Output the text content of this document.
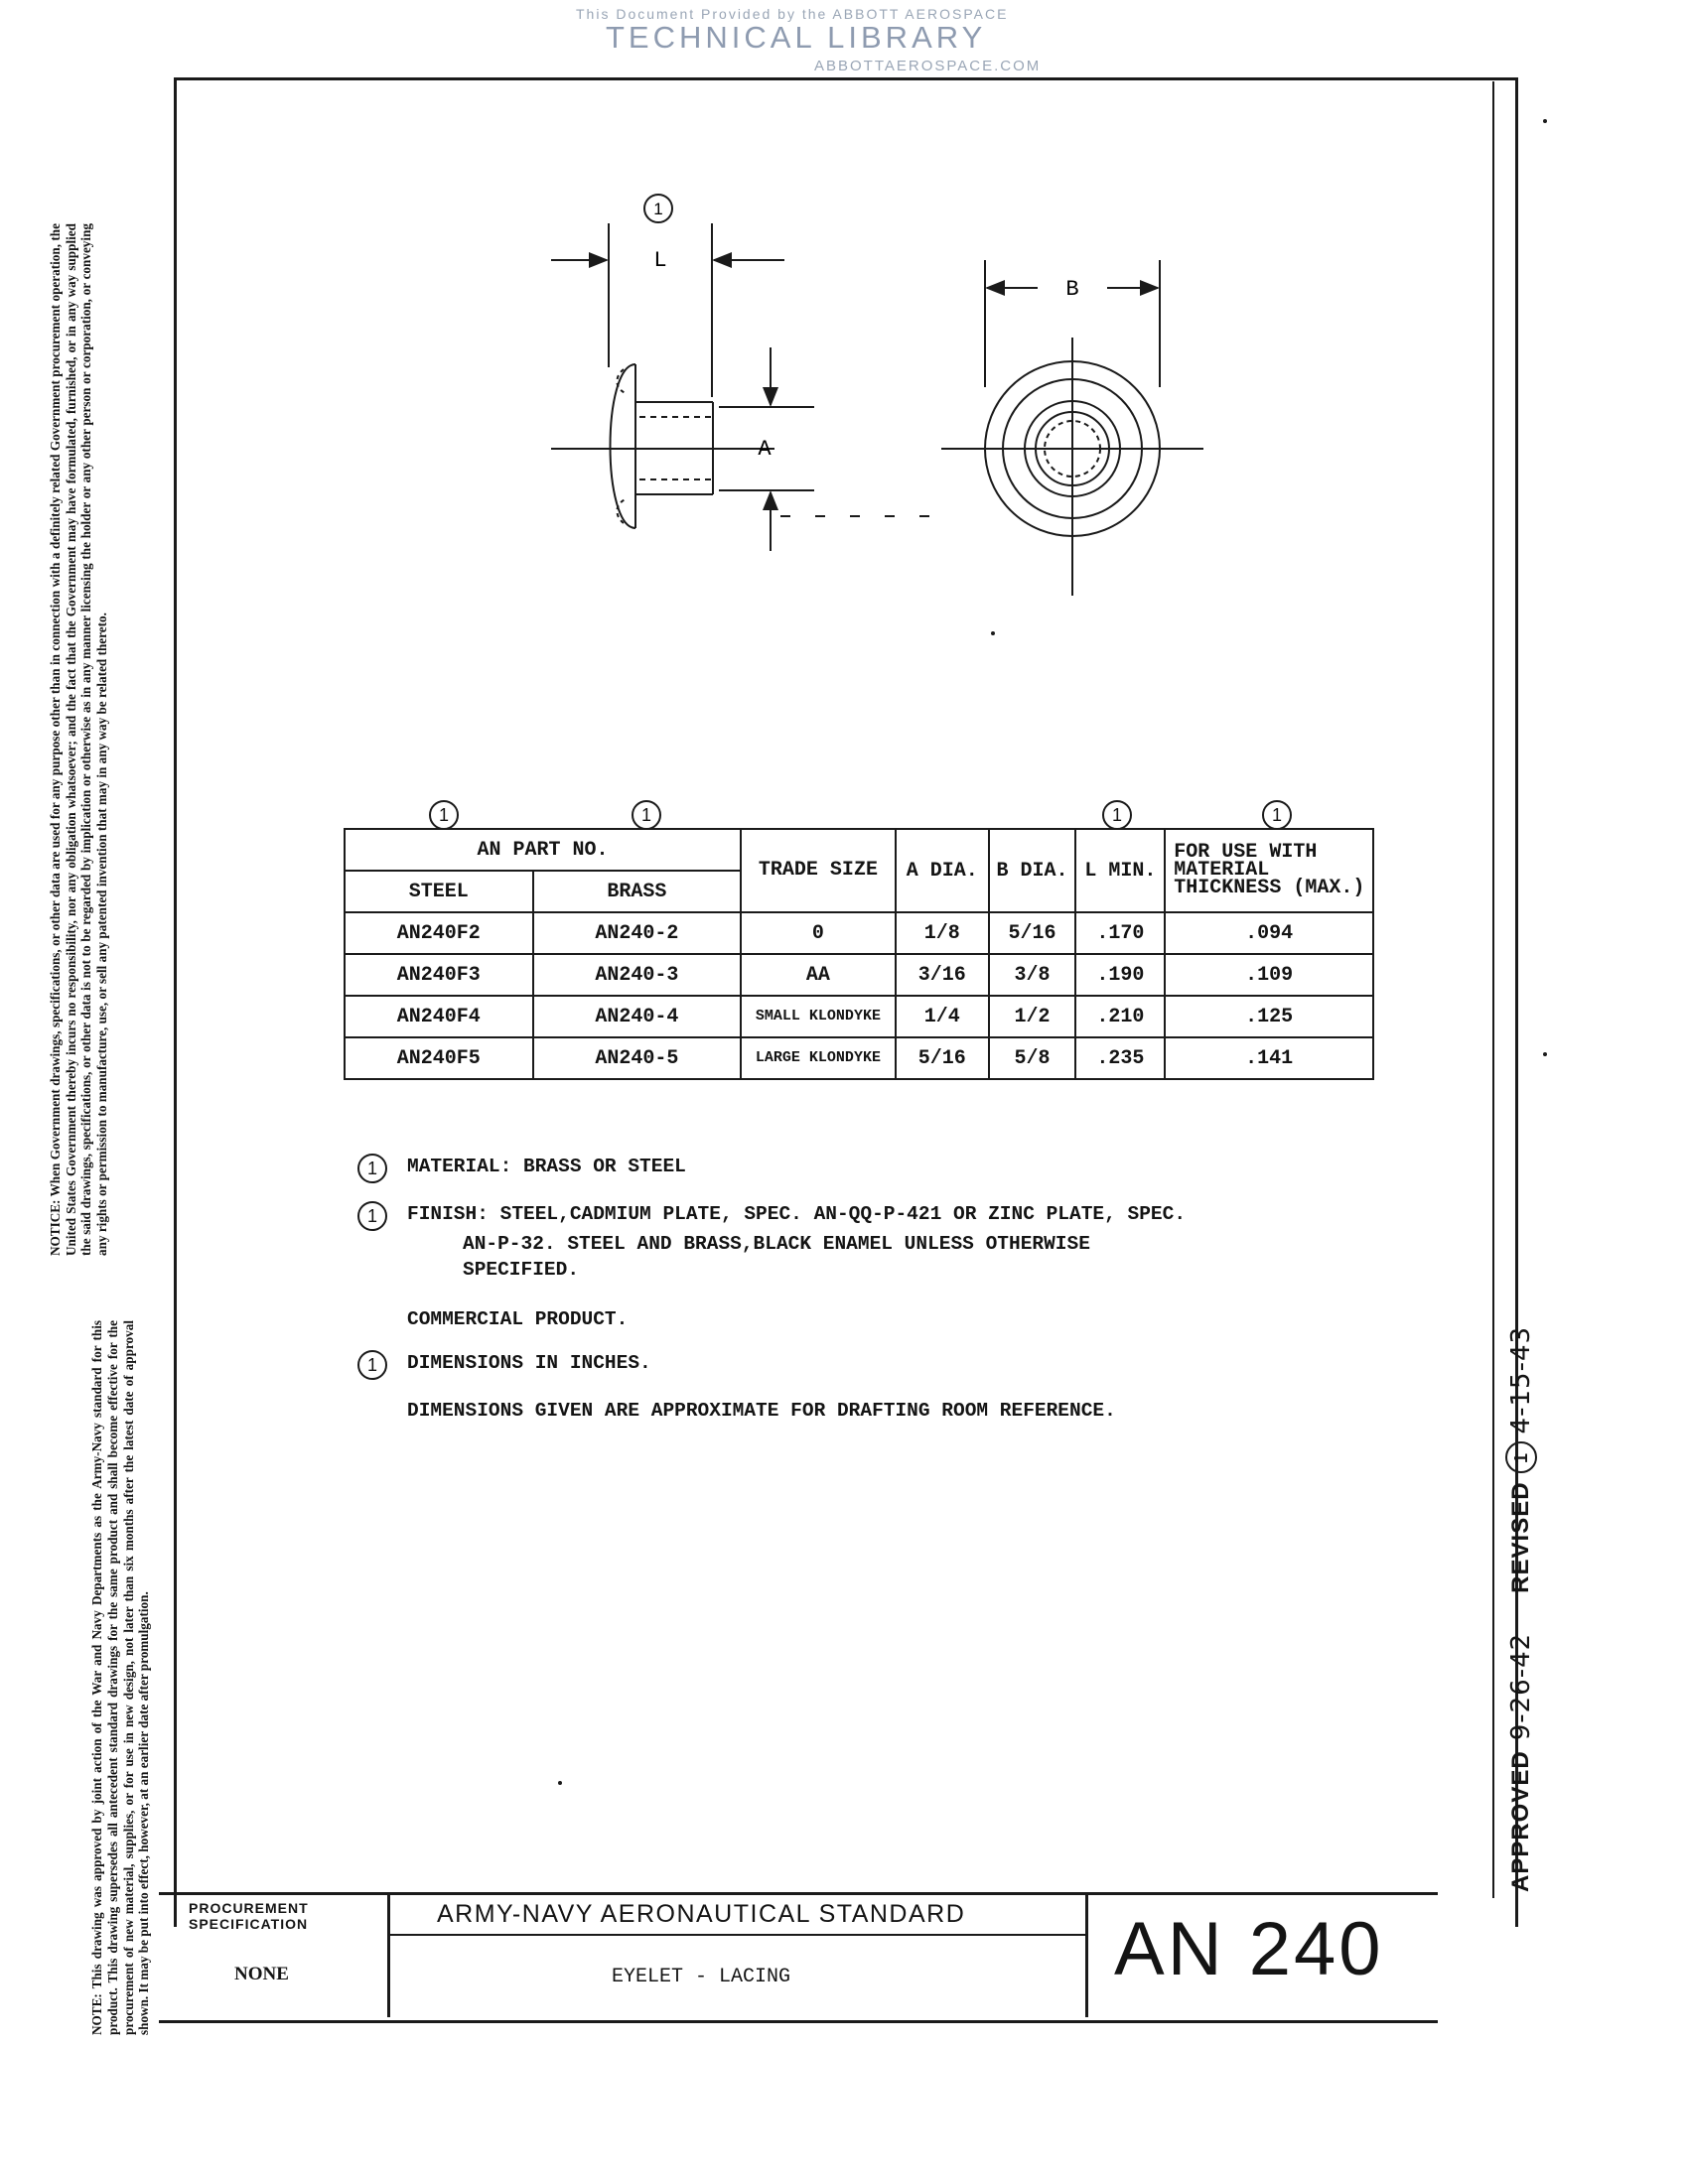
This Document Provided by the ABBOTT AEROSPACE
TECHNICAL LIBRARY
ABBOTTAEROSPACE.COM
NOTICE: When Government drawings, specifications, or other data are used for any purpose other than in connection with a definitely related Government procurement operation, the United States Government thereby incurs no responsibility, nor any obligation whatsoever; and the fact that the Government may have formulated, furnished, or in any way supplied the said drawings, specifications, or other data is not to be regarded by implication or otherwise as in any manner licensing the holder or any other person or corporation, or conveying any rights or permission to manufacture, use, or sell any patented invention that may in any way be related thereto.
NOTE: This drawing was approved by joint action of the War and Navy Departments as the Army-Navy standard for this product. This drawing supersedes all antecedent standard drawings for the same product and shall become effective for the procurement of new material, supplies, or for use in new design, not later than six months after the latest date of approval shown. It may be put into effect, however, at an earlier date after promulgation.	APPROVED
9-26-42
REVISED
1
4-15-43
1
L
B
A
1	1	1	1
AN PART NO.		TRADE SIZE	A DIA.	B DIA.	L MIN.	FOR USE WITH MATERIAL THICKNESS (MAX.)
STEEL	BRASS					
AN240F2	AN240-2	0	1/8	5/16	.170	.094
AN240F3	AN240-3	AA	3/16	3/8	.190	.109
AN240F4	AN240-4	SMALL KLONDYKE	1/4	1/2	.210	.125
AN240F5	AN240-5	LARGE KLONDYKE	5/16	5/8	.235	.141
1	MATERIAL: BRASS OR STEEL
1	FINISH: STEEL,CADMIUM PLATE, SPEC. AN-QQ-P-421 OR ZINC PLATE, SPEC.
AN-P-32. STEEL AND BRASS,BLACK ENAMEL UNLESS OTHERWISE
SPECIFIED.
COMMERCIAL PRODUCT.
1	DIMENSIONS IN INCHES.
DIMENSIONS GIVEN ARE APPROXIMATE FOR DRAFTING ROOM REFERENCE.
PROCUREMENT
SPECIFICATION
NONE
ARMY-NAVY AERONAUTICAL STANDARD
EYELET - LACING	AN 240
